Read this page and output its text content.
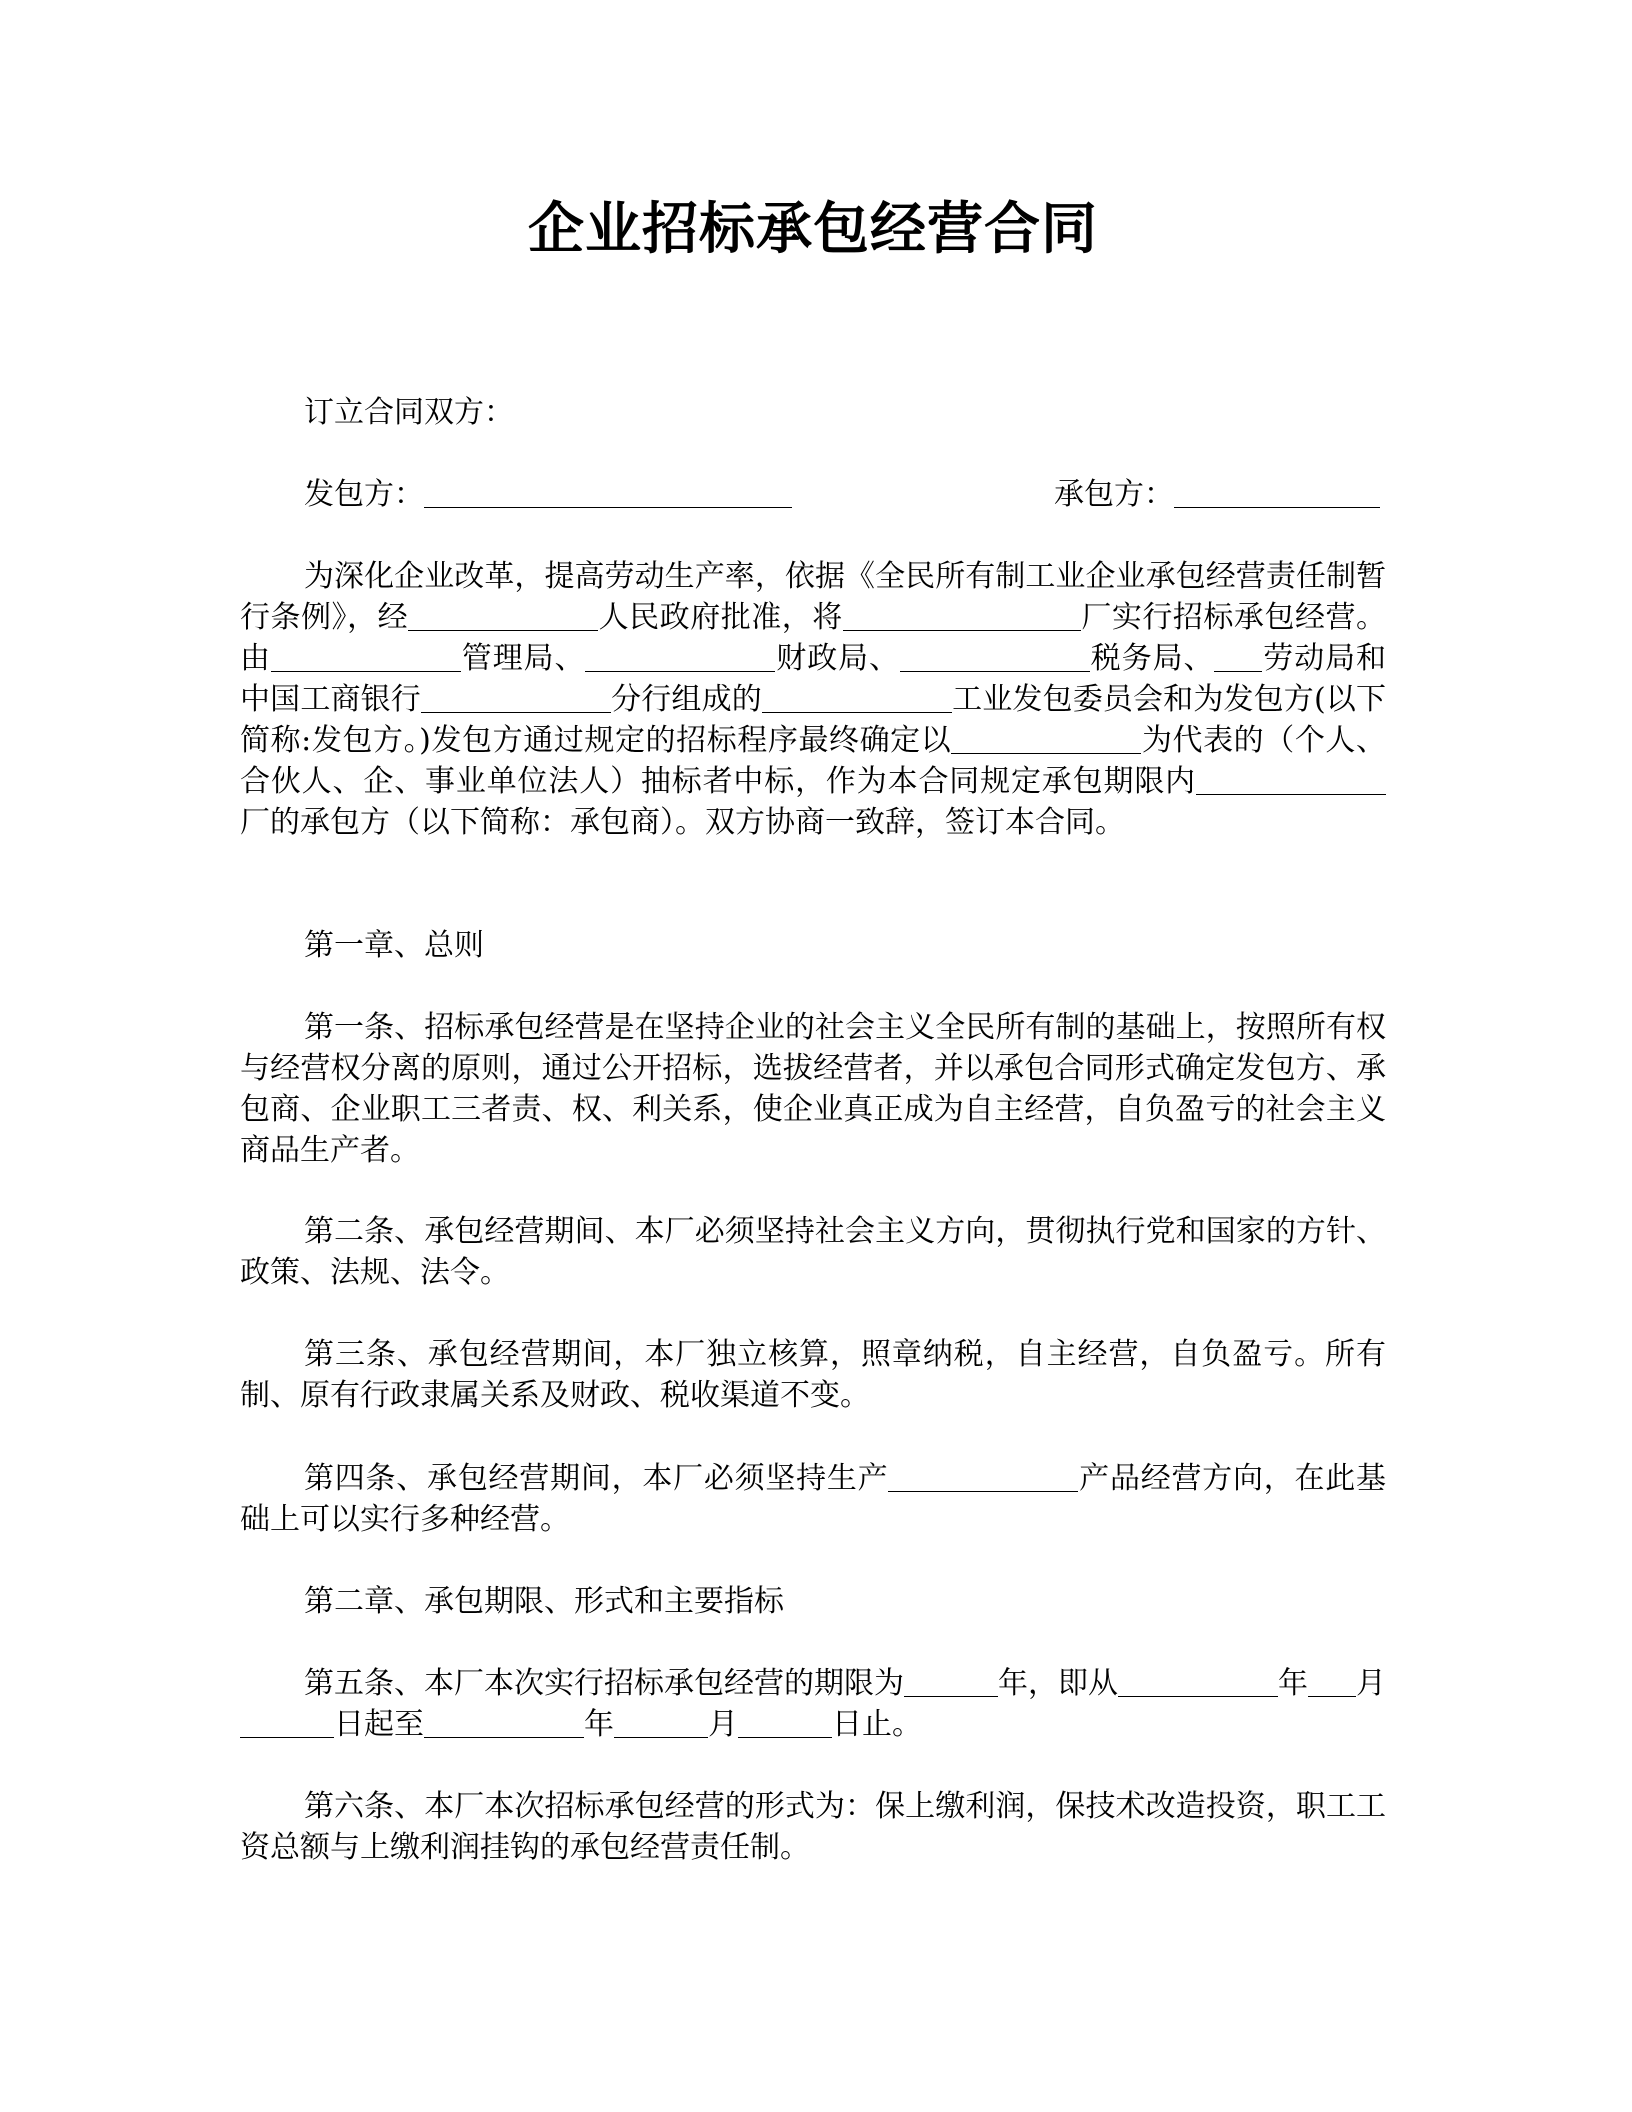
企业招标承包经营合同

订立合同双方：

发包方：	承包方：

为深化企业改革，提高劳动生产率，依据《全民所有制工业企业承包经营责任制暂行条例》，经	人民政府批准，将	厂实行招标承包经营。由	管理局、	财政局、	税务局、 劳动局和中国工商银行	分行组成的	工业发包委员会和为发包方(以下简称:发包方。)发包方通过规定的招标程序最终确定以	为代表的（个人、合伙人、企、事业单位法人）抽标者中标，作为本合同规定承包期限内厂的承包方（以下简称：承包商）。双方协商一致辞，签订本合同。

第一章、总则

第一条、招标承包经营是在坚持企业的社会主义全民所有制的基础上，按照所有权与经营权分离的原则，通过公开招标，选拔经营者，并以承包合同形式确定发包方、承包商、企业职工三者责、权、利关系，使企业真正成为自主经营，自负盈亏的社会主义商品生产者。

第二条、承包经营期间、本厂必须坚持社会主义方向，贯彻执行党和国家的方针、政策、法规、法令。

第三条、承包经营期间，本厂独立核算，照章纳税，自主经营，自负盈亏。所有制、原有行政隶属关系及财政、税收渠道不变。

第四条、承包经营期间，本厂必须坚持生产	产品经营方向，在此基础上可以实行多种经营。

第二章、承包期限、形式和主要指标

第五条、本厂本次实行招标承包经营的期限为	年，即从	年 月日起至	年	月	日止。

第六条、本厂本次招标承包经营的形式为：保上缴利润，保技术改造投资，职工工资总额与上缴利润挂钩的承包经营责任制。
